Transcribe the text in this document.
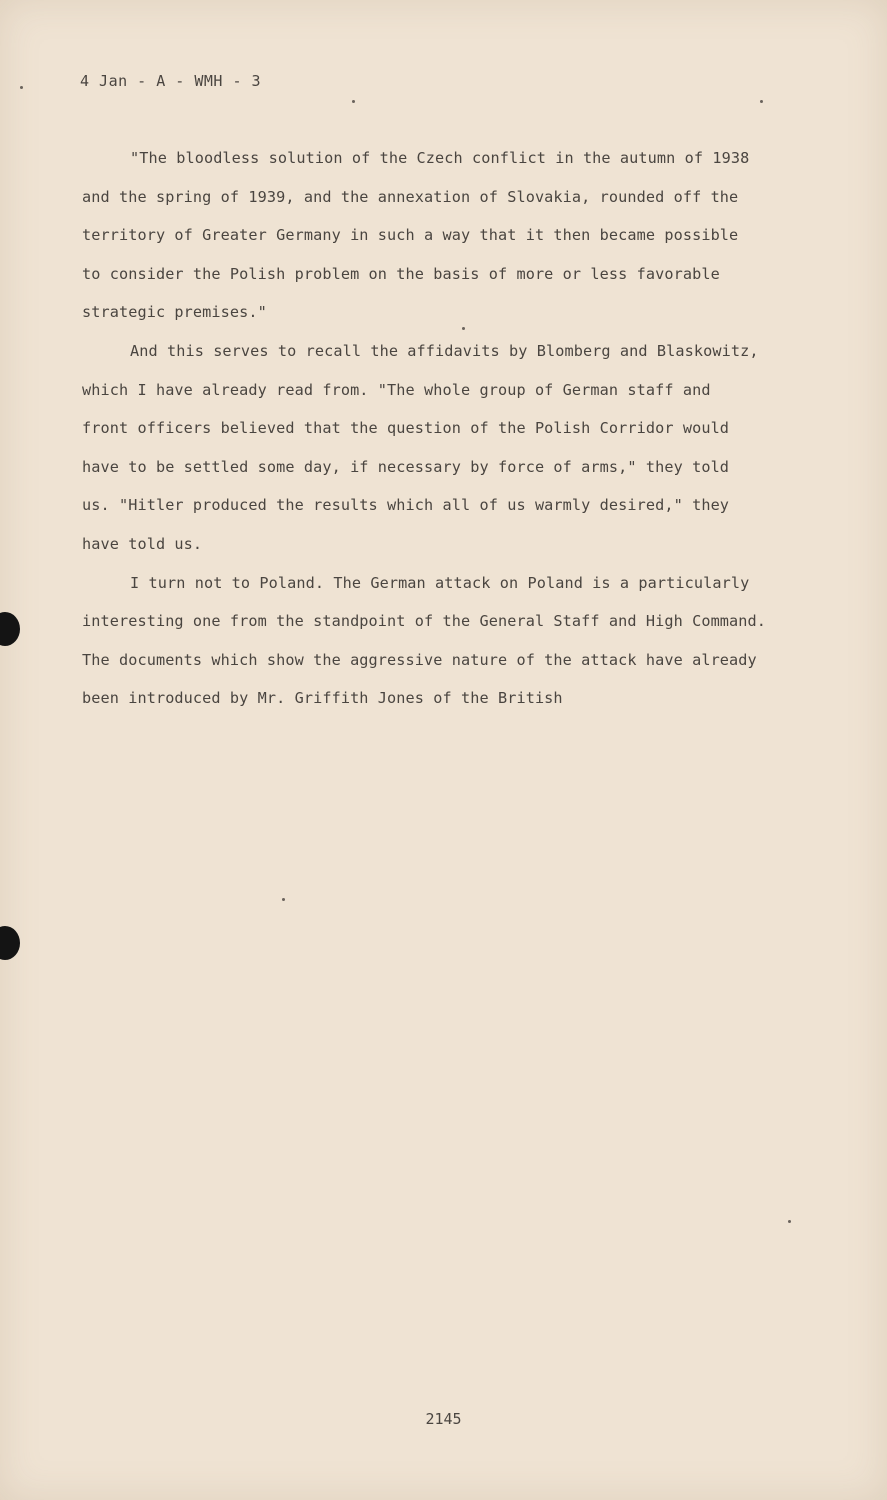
4 Jan - A - WMH - 3
"The bloodless solution of the Czech conflict in the autumn of 1938
and the spring of 1939, and the annexation of Slovakia, rounded off the
territory of Greater Germany in such a way that it then became possible
to consider the Polish problem on the basis of more or less favorable
strategic premises."
And this serves to recall the affidavits by Blomberg and Blaskowitz,
which I have already read from. "The whole group of German staff and
front officers believed that the question of the Polish Corridor would
have to be settled some day, if necessary by force of arms," they told
us. "Hitler produced the results which all of us warmly desired," they
have told us.
I turn not to Poland. The German attack on Poland is a particularly
interesting one from the standpoint of the General Staff and High Command.
The documents which show the aggressive nature of the attack have already
been introduced by Mr. Griffith Jones of the British
2145
